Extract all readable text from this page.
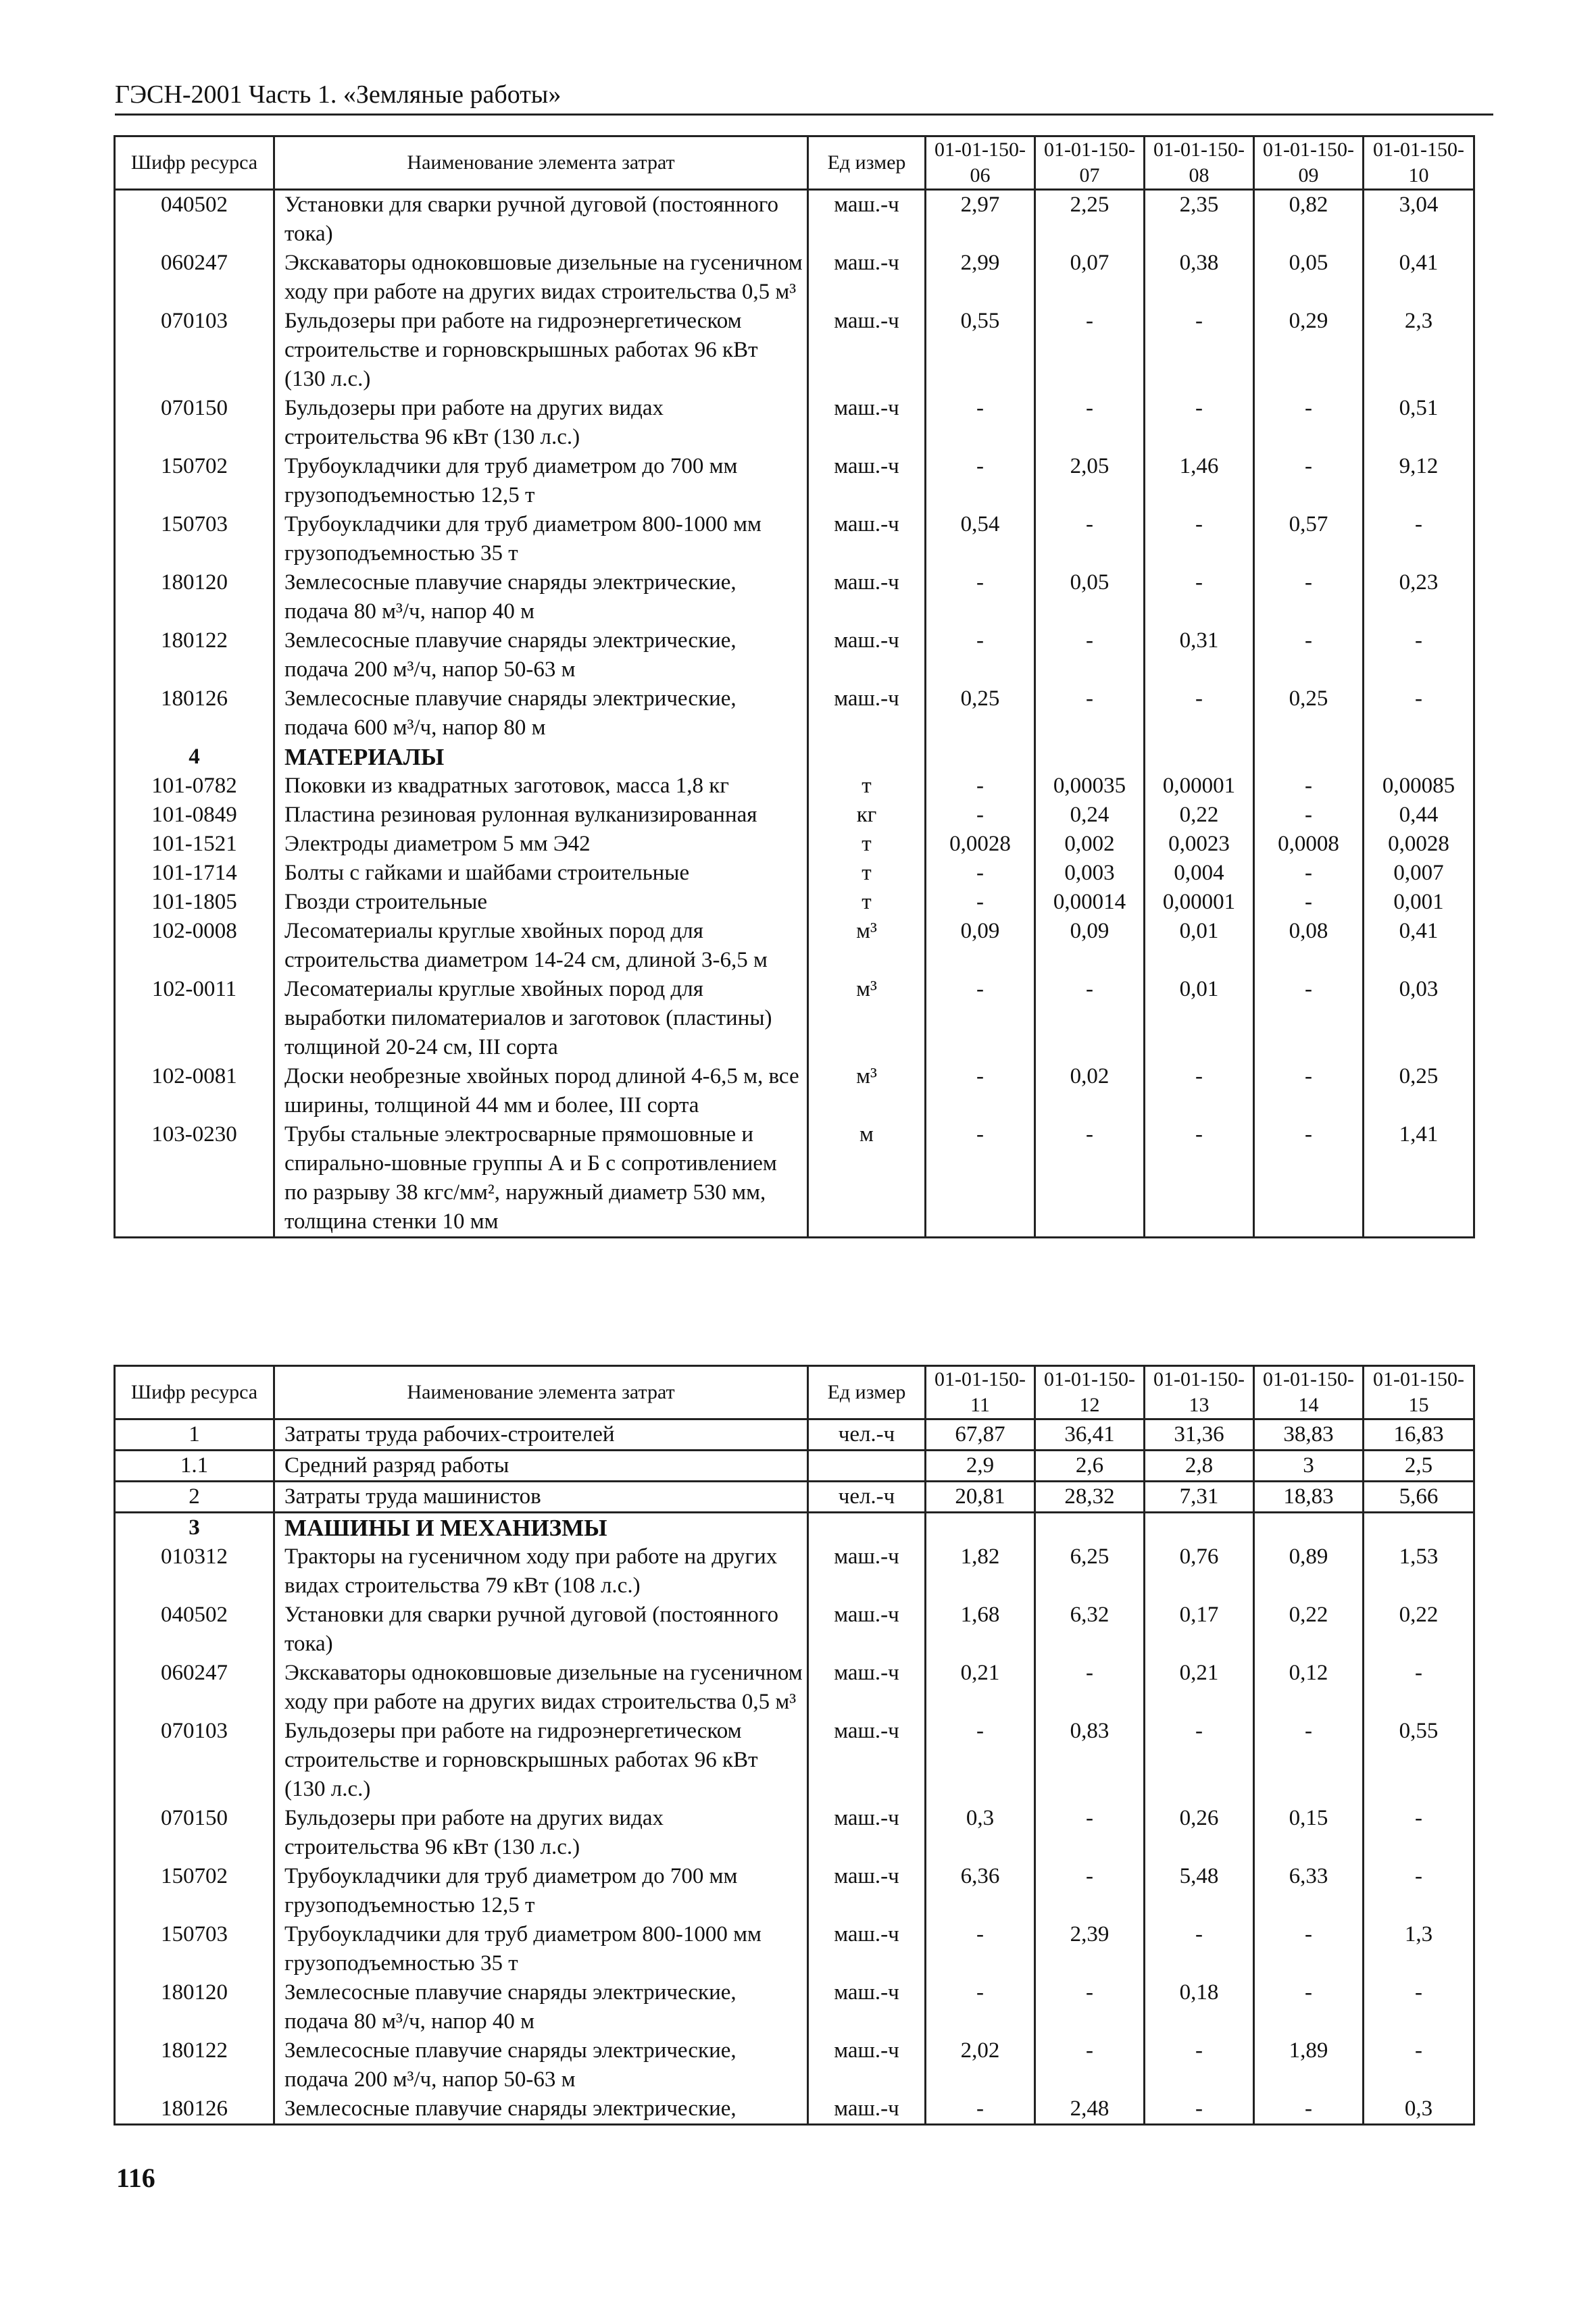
ГЭСН-2001 Часть 1. «Земляные работы»
Шифр ресурса	Наименование элемента затрат	Ед измер	01-01-150-06	01-01-150-07	01-01-150-08	01-01-150-09	01-01-150-10
040502	Установки для сварки ручной дуговой (постоянного тока)	маш.-ч	2,97	2,25	2,35	0,82	3,04
060247	Экскаваторы одноковшовые дизельные на гусеничном ходу при работе на других видах строительства 0,5 м³	маш.-ч	2,99	0,07	0,38	0,05	0,41
070103	Бульдозеры при работе на гидроэнергетическом строительстве и горновскрышных работах 96 кВт (130 л.с.)	маш.-ч	0,55	-	-	0,29	2,3
070150	Бульдозеры при работе на других видах строительства 96 кВт (130 л.с.)	маш.-ч	-	-	-	-	0,51
150702	Трубоукладчики для труб диаметром до 700 мм грузоподъемностью 12,5 т	маш.-ч	-	2,05	1,46	-	9,12
150703	Трубоукладчики для труб диаметром 800-1000 мм грузоподъемностью 35 т	маш.-ч	0,54	-	-	0,57	-
180120	Землесосные плавучие снаряды электрические, подача 80 м³/ч, напор 40 м	маш.-ч	-	0,05	-	-	0,23
180122	Землесосные плавучие снаряды электрические, подача 200 м³/ч, напор 50-63 м	маш.-ч	-	-	0,31	-	-
180126	Землесосные плавучие снаряды электрические, подача 600 м³/ч, напор 80 м	маш.-ч	0,25	-	-	0,25	-
4	МАТЕРИАЛЫ						
101-0782	Поковки из квадратных заготовок, масса 1,8 кг	т	-	0,00035	0,00001	-	0,00085
101-0849	Пластина резиновая рулонная вулканизированная	кг	-	0,24	0,22	-	0,44
101-1521	Электроды диаметром 5 мм Э42	т	0,0028	0,002	0,0023	0,0008	0,0028
101-1714	Болты с гайками и шайбами строительные	т	-	0,003	0,004	-	0,007
101-1805	Гвозди строительные	т	-	0,00014	0,00001	-	0,001
102-0008	Лесоматериалы круглые хвойных пород для строительства диаметром 14-24 см, длиной 3-6,5 м	м³	0,09	0,09	0,01	0,08	0,41
102-0011	Лесоматериалы круглые хвойных пород для выработки пиломатериалов и заготовок (пластины) толщиной 20-24 см, III сорта	м³	-	-	0,01	-	0,03
102-0081	Доски необрезные хвойных пород длиной 4-6,5 м, все ширины, толщиной 44 мм и более, III сорта	м³	-	0,02	-	-	0,25
103-0230	Трубы стальные электросварные прямошовные и спирально-шовные группы А и Б с сопротивлением по разрыву 38 кгс/мм², наружный диаметр 530 мм, толщина стенки 10 мм	м	-	-	-	-	1,41
Шифр ресурса	Наименование элемента затрат	Ед измер	01-01-150-11	01-01-150-12	01-01-150-13	01-01-150-14	01-01-150-15
1	Затраты труда рабочих-строителей	чел.-ч	67,87	36,41	31,36	38,83	16,83
1.1	Средний разряд работы		2,9	2,6	2,8	3	2,5
2	Затраты труда машинистов	чел.-ч	20,81	28,32	7,31	18,83	5,66
3	МАШИНЫ И МЕХАНИЗМЫ						
010312	Тракторы на гусеничном ходу при работе на других видах строительства 79 кВт (108 л.с.)	маш.-ч	1,82	6,25	0,76	0,89	1,53
040502	Установки для сварки ручной дуговой (постоянного тока)	маш.-ч	1,68	6,32	0,17	0,22	0,22
060247	Экскаваторы одноковшовые дизельные на гусеничном ходу при работе на других видах строительства 0,5 м³	маш.-ч	0,21	-	0,21	0,12	-
070103	Бульдозеры при работе на гидроэнергетическом строительстве и горновскрышных работах 96 кВт (130 л.с.)	маш.-ч	-	0,83	-	-	0,55
070150	Бульдозеры при работе на других видах строительства 96 кВт (130 л.с.)	маш.-ч	0,3	-	0,26	0,15	-
150702	Трубоукладчики для труб диаметром до 700 мм грузоподъемностью 12,5 т	маш.-ч	6,36	-	5,48	6,33	-
150703	Трубоукладчики для труб диаметром 800-1000 мм грузоподъемностью 35 т	маш.-ч	-	2,39	-	-	1,3
180120	Землесосные плавучие снаряды электрические, подача 80 м³/ч, напор 40 м	маш.-ч	-	-	0,18	-	-
180122	Землесосные плавучие снаряды электрические, подача 200 м³/ч, напор 50-63 м	маш.-ч	2,02	-	-	1,89	-
180126	Землесосные плавучие снаряды электрические,	маш.-ч	-	2,48	-	-	0,3
116
